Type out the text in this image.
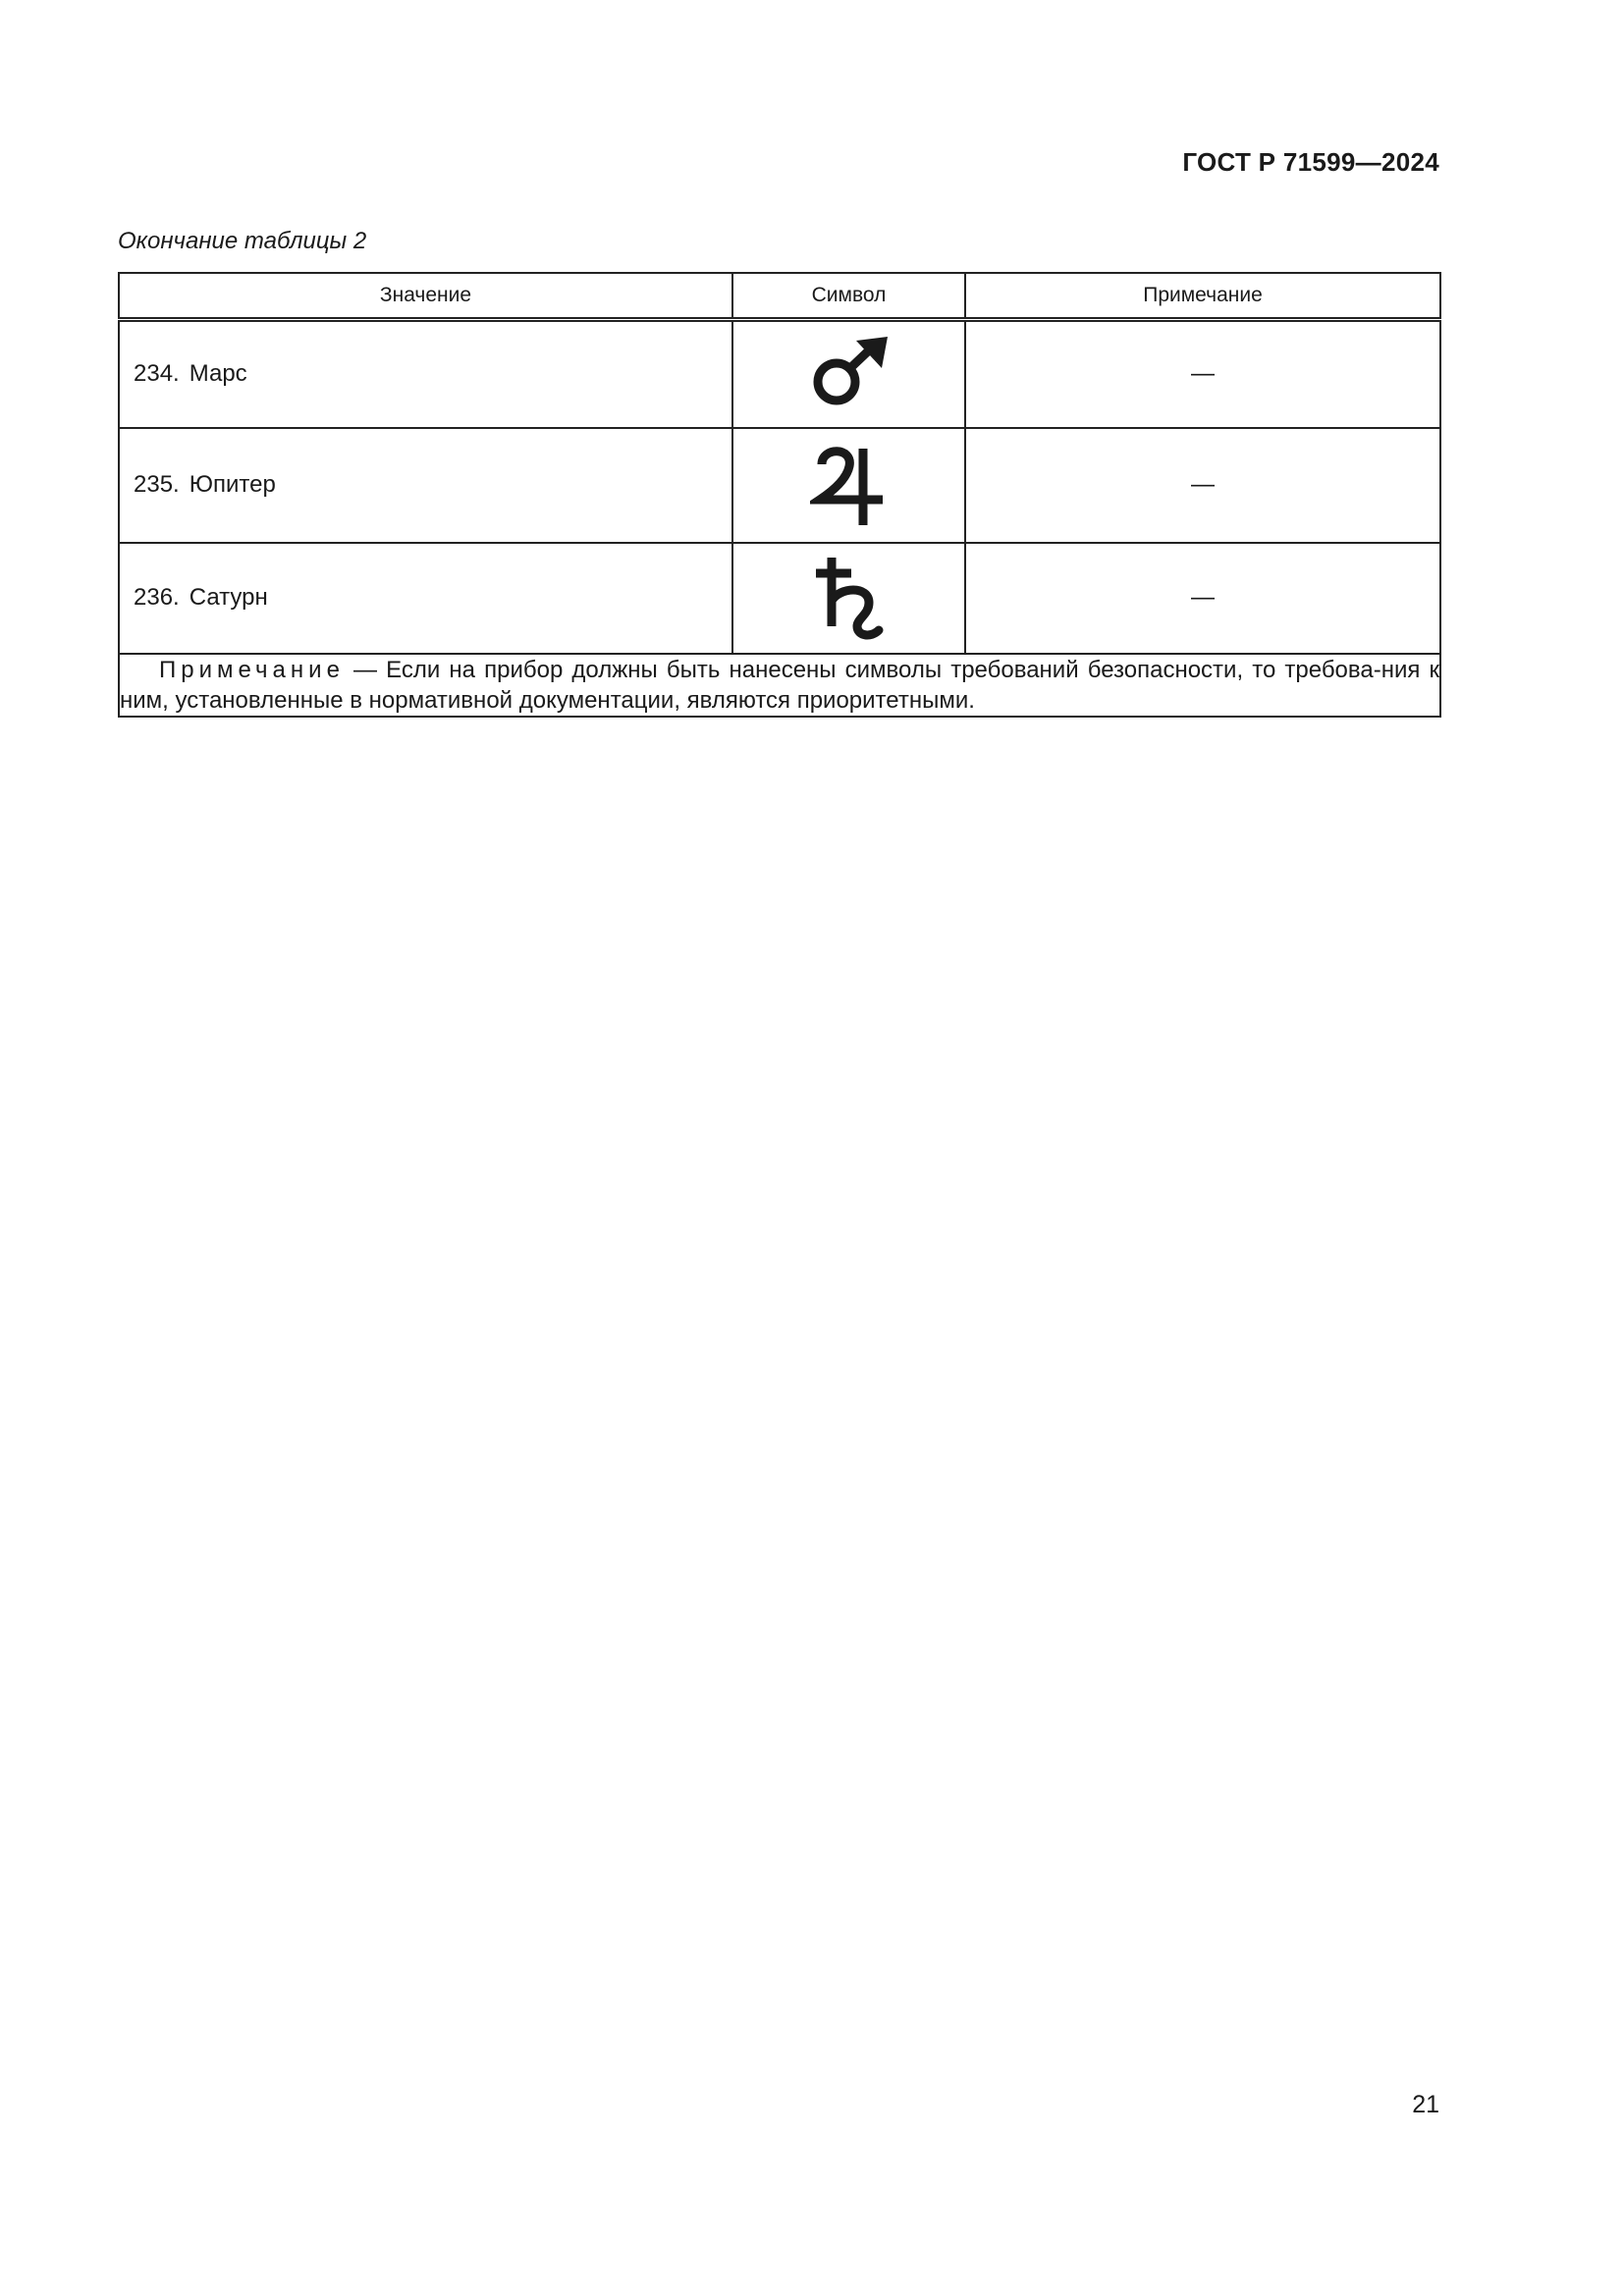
ГОСТ Р 71599—2024
Окончание таблицы 2
Значение	Символ	Примечание
234. Марс		—
235. Юпитер		—
236. Сатурн		—
Примечание — Если на прибор должны быть нанесены символы требований безопасности, то требова-ния к ним, установленные в нормативной документации, являются приоритетными.		
21
